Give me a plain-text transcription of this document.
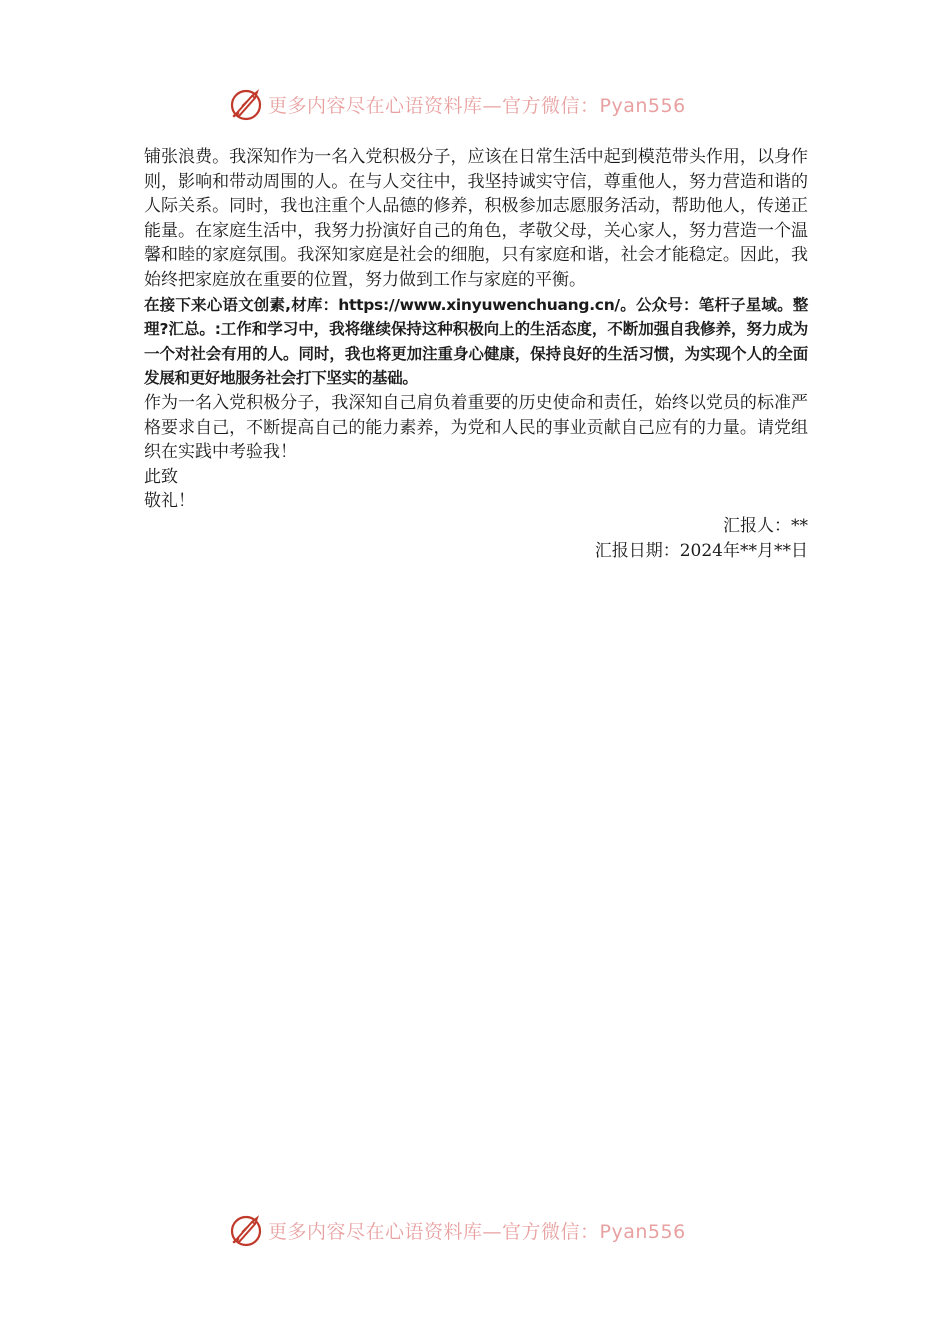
更多内容尽在心语资料库—官方微信：Pyan556

铺张浪费。我深知作为一名入党积极分子，应该在日常生活中起到模范带头作用，以身作则，影响和带动周围的人。在与人交往中，我坚持诚实守信，尊重他人，努力营造和谐的人际关系。同时，我也注重个人品德的修养，积极参加志愿服务活动，帮助他人，传递正能量。在家庭生活中，我努力扮演好自己的角色，孝敬父母，关心家人，努力营造一个温馨和睦的家庭氛围。我深知家庭是社会的细胞，只有家庭和谐，社会才能稳定。因此，我始终把家庭放在重要的位置，努力做到工作与家庭的平衡。

在接下来心语文创素,材库：https://www.xinyuwenchuang.cn/。公众号：笔杆子星域。整理?汇总。:工作和学习中，我将继续保持这种积极向上的生活态度，不断加强自我修养，努力成为一个对社会有用的人。同时，我也将更加注重身心健康，保持良好的生活习惯，为实现个人的全面发展和更好地服务社会打下坚实的基础。

作为一名入党积极分子，我深知自己肩负着重要的历史使命和责任，始终以党员的标准严格要求自己，不断提高自己的能力素养，为党和人民的事业贡献自己应有的力量。请党组织在实践中考验我！

此致

敬礼！

汇报人：**

汇报日期：2024年**月**日

更多内容尽在心语资料库—官方微信：Pyan556
